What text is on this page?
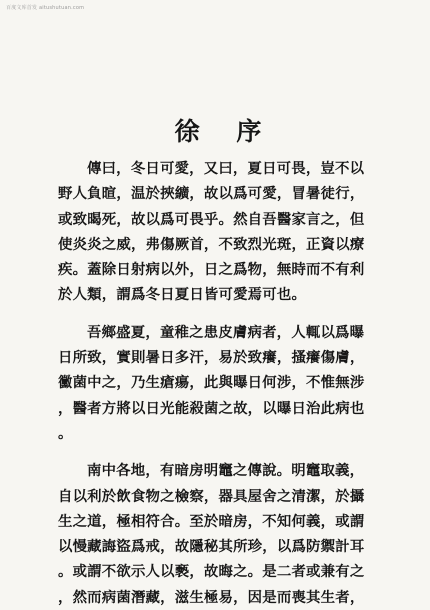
百度文库首发 aitushutuan.com
徐 序

傳曰，冬日可愛，又曰，夏日可畏，豈不以
野人負暄，温於挾纊，故以爲可愛，冒暑徒行，
或致暍死，故以爲可畏乎。然自吾醫家言之，但
使炎炎之威，弗傷厥首，不致烈光斑，正資以療
疾。蓋除日射病以外，日之爲物，無時而不有利
於人類，謂爲冬日夏日皆可愛焉可也。

吾鄉盛夏，童稚之患皮膚病者，人輒以爲曝
日所致，實則暑日多汗，易於致癢，搔癢傷膚，
黴菌中之，乃生瘡瘍，此與曝日何涉，不惟無涉
，醫者方將以日光能殺菌之故，以曝日治此病也
。

南中各地，有暗房明竈之傳說。明竈取義，
自以利於飲食物之檢察，器具屋舍之清潔，於攝
生之道，極相符合。至於暗房，不知何義，或謂
以慢藏誨盜爲戒，故隱秘其所珍，以爲防禦計耳
。或謂不欲示人以褻，故晦之。是二者或兼有之
，然而病菌潛藏，滋生極易，因是而喪其生者，
